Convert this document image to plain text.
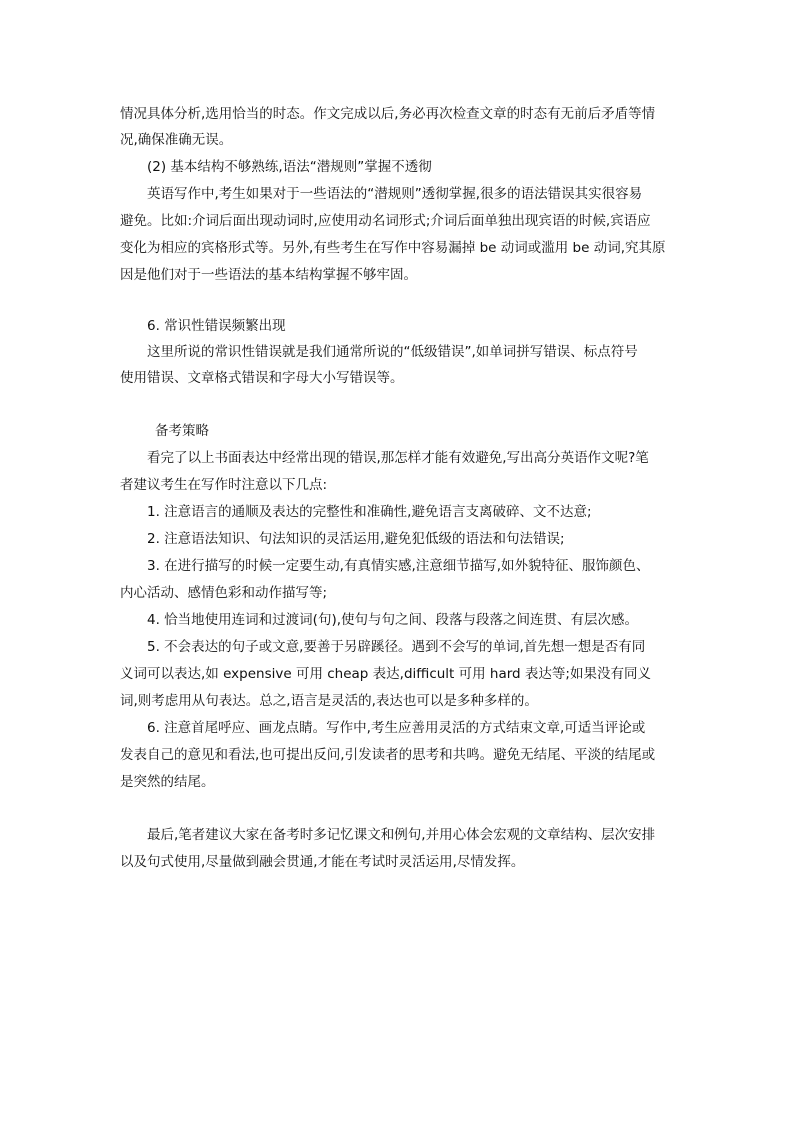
情况具体分析,选用恰当的时态。作文完成以后,务必再次检查文章的时态有无前后矛盾等情
况,确保准确无误。
(2) 基本结构不够熟练,语法“潜规则”掌握不透彻
英语写作中,考生如果对于一些语法的“潜规则”透彻掌握,很多的语法错误其实很容易
避免。比如:介词后面出现动词时,应使用动名词形式;介词后面单独出现宾语的时候,宾语应
变化为相应的宾格形式等。另外,有些考生在写作中容易漏掉 be 动词或滥用 be 动词,究其原
因是他们对于一些语法的基本结构掌握不够牢固。
6. 常识性错误频繁出现
这里所说的常识性错误就是我们通常所说的“低级错误”,如单词拼写错误、标点符号
使用错误、文章格式错误和字母大小写错误等。
备考策略
看完了以上书面表达中经常出现的错误,那怎样才能有效避免,写出高分英语作文呢?笔
者建议考生在写作时注意以下几点:
1. 注意语言的通顺及表达的完整性和准确性,避免语言支离破碎、文不达意;
2. 注意语法知识、句法知识的灵活运用,避免犯低级的语法和句法错误;
3. 在进行描写的时候一定要生动,有真情实感,注意细节描写,如外貌特征、服饰颜色、
内心活动、感情色彩和动作描写等;
4. 恰当地使用连词和过渡词(句),使句与句之间、段落与段落之间连贯、有层次感。
5. 不会表达的句子或文意,要善于另辟蹊径。遇到不会写的单词,首先想一想是否有同
义词可以表达,如 expensive 可用 cheap 表达,difficult 可用 hard 表达等;如果没有同义
词,则考虑用从句表达。总之,语言是灵活的,表达也可以是多种多样的。
6. 注意首尾呼应、画龙点睛。写作中,考生应善用灵活的方式结束文章,可适当评论或
发表自己的意见和看法,也可提出反问,引发读者的思考和共鸣。避免无结尾、平淡的结尾或
是突然的结尾。
最后,笔者建议大家在备考时多记忆课文和例句,并用心体会宏观的文章结构、层次安排
以及句式使用,尽量做到融会贯通,才能在考试时灵活运用,尽情发挥。
